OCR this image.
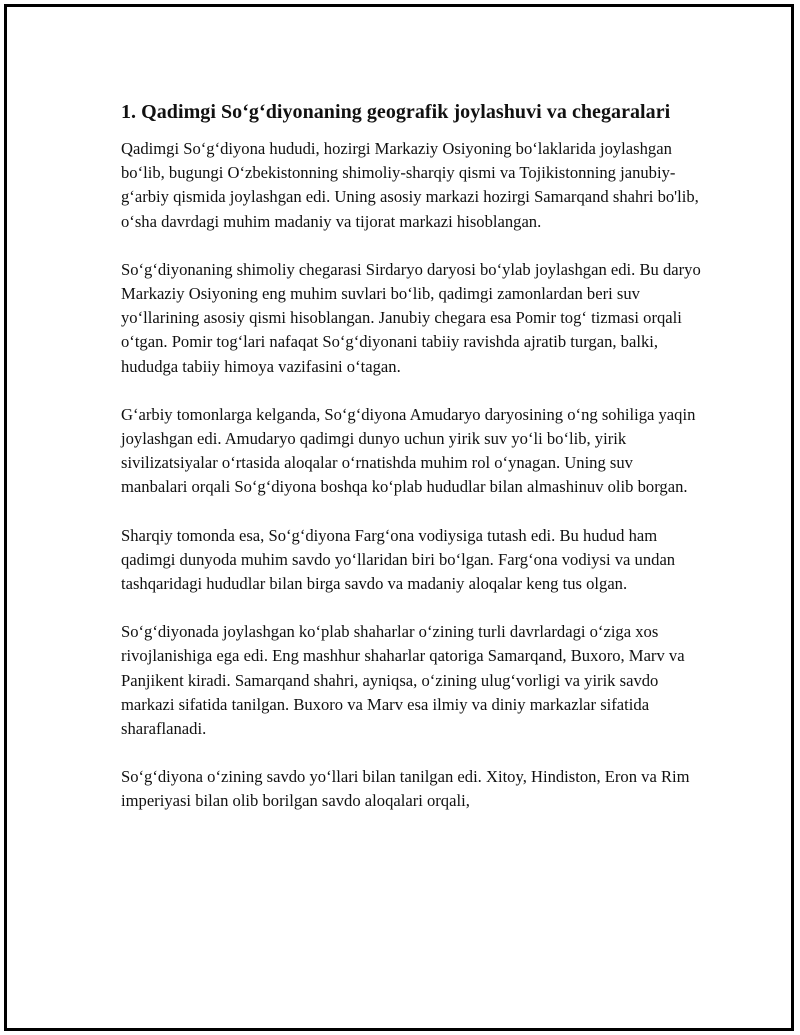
1. Qadimgi So‘g‘diyonaning geografik joylashuvi va chegaralari

Qadimgi So‘g‘diyona hududi, hozirgi Markaziy Osiyoning bo‘laklarida joylashgan bo‘lib, bugungi O‘zbekistonning shimoliy-sharqiy qismi va Tojikistonning janubiy-g‘arbiy qismida joylashgan edi. Uning asosiy markazi hozirgi Samarqand shahri bo'lib, o‘sha davrdagi muhim madaniy va tijorat markazi hisoblangan.

So‘g‘diyonaning shimoliy chegarasi Sirdaryo daryosi bo‘ylab joylashgan edi. Bu daryo Markaziy Osiyoning eng muhim suvlari bo‘lib, qadimgi zamonlardan beri suv yo‘llarining asosiy qismi hisoblangan. Janubiy chegara esa Pomir tog‘ tizmasi orqali o‘tgan. Pomir tog‘lari nafaqat So‘g‘diyonani tabiiy ravishda ajratib turgan, balki, hududga tabiiy himoya vazifasini o‘tagan.

G‘arbiy tomonlarga kelganda, So‘g‘diyona Amudaryo daryosining o‘ng sohiliga yaqin joylashgan edi. Amudaryo qadimgi dunyo uchun yirik suv yo‘li bo‘lib, yirik sivilizatsiyalar o‘rtasida aloqalar o‘rnatishda muhim rol o‘ynagan. Uning suv manbalari orqali So‘g‘diyona boshqa ko‘plab hududlar bilan almashinuv olib borgan.

Sharqiy tomonda esa, So‘g‘diyona Farg‘ona vodiysiga tutash edi. Bu hudud ham qadimgi dunyoda muhim savdo yo‘llaridan biri bo‘lgan. Farg‘ona vodiysi va undan tashqaridagi hududlar bilan birga savdo va madaniy aloqalar keng tus olgan.

So‘g‘diyonada joylashgan ko‘plab shaharlar o‘zining turli davrlardagi o‘ziga xos rivojlanishiga ega edi. Eng mashhur shaharlar qatoriga Samarqand, Buxoro, Marv va Panjikent kiradi. Samarqand shahri, ayniqsa, o‘zining ulug‘vorligi va yirik savdo markazi sifatida tanilgan. Buxoro va Marv esa ilmiy va diniy markazlar sifatida sharaflanadi.

So‘g‘diyona o‘zining savdo yo‘llari bilan tanilgan edi. Xitoy, Hindiston, Eron va Rim imperiyasi bilan olib borilgan savdo aloqalari orqali,
